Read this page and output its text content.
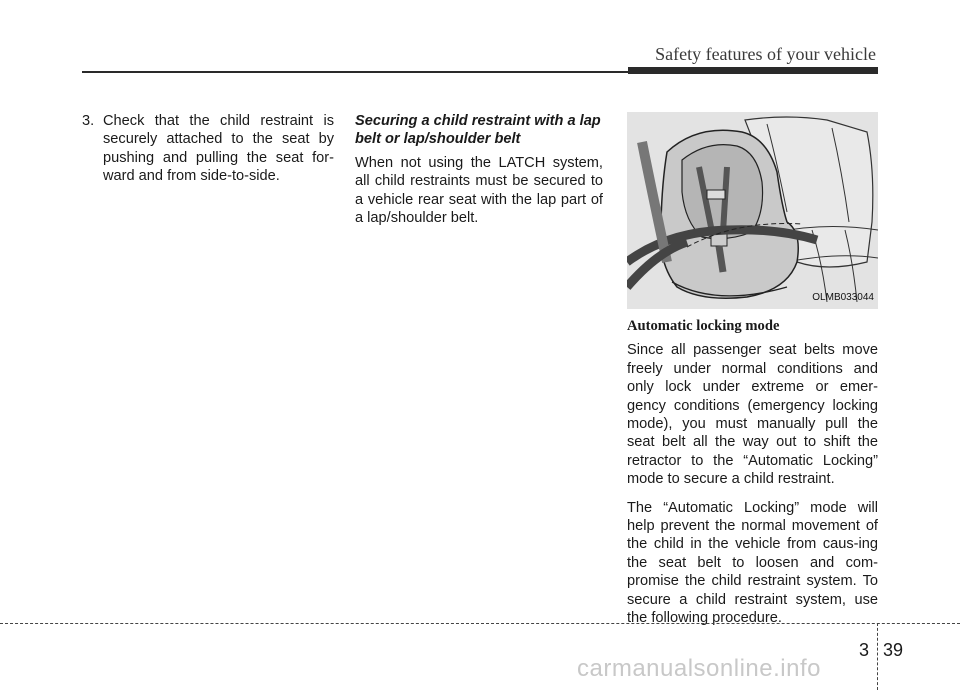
Safety features of your vehicle
3. Check that the child restraint is securely attached to the seat by pushing and pulling the seat for-ward and from side-to-side.
Securing a child restraint with a lap belt or lap/shoulder belt

When not using the LATCH system, all child restraints must be secured to a vehicle rear seat with the lap part of a lap/shoulder belt.

OLMB033044
Automatic locking mode

Since all passenger seat belts move freely under normal conditions and only lock under extreme or emer-gency conditions (emergency locking mode), you must manually pull the seat belt all the way out to shift the retractor to the “Automatic Locking” mode to secure a child restraint.

The “Automatic Locking” mode will help prevent the normal movement of the child in the vehicle from caus-ing the seat belt to loosen and com-promise the child restraint system. To secure a child restraint system, use the following procedure.

3 39
carmanualsonline.info
